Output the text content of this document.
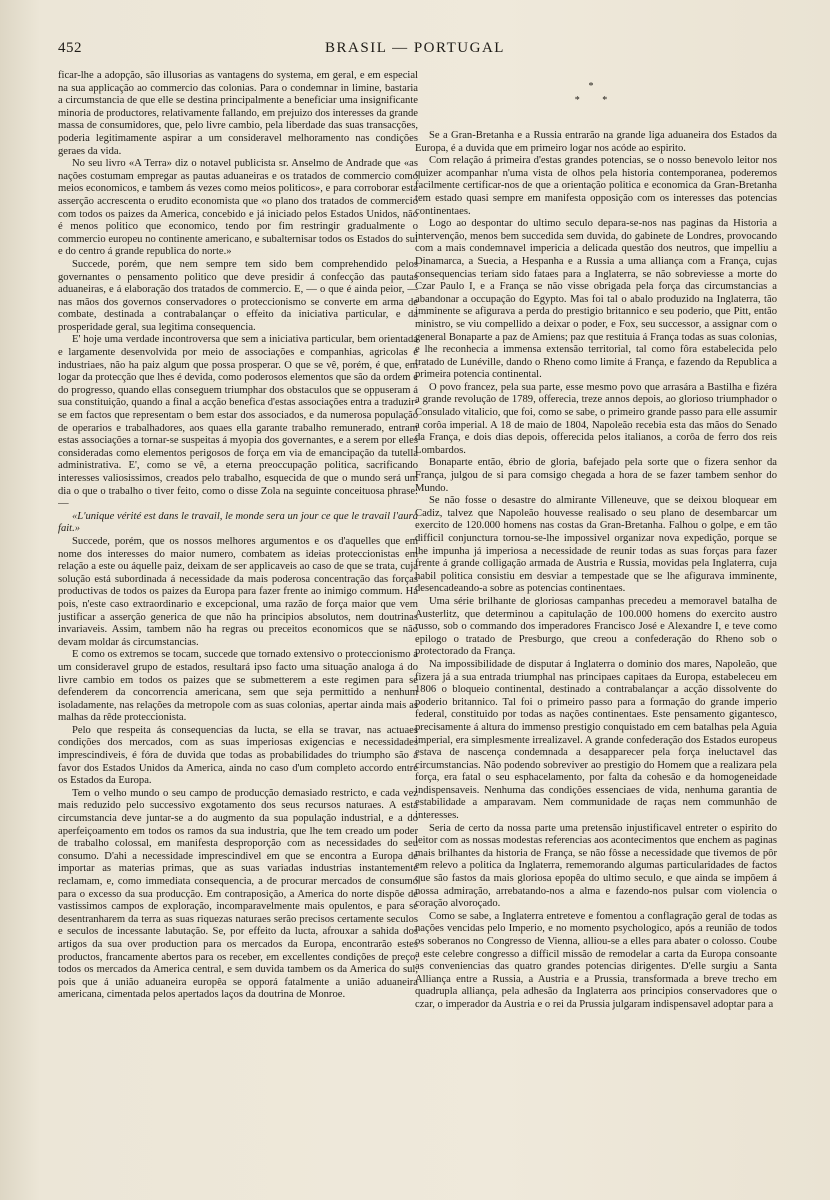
452	BRASIL — PORTUGAL

ficar-lhe a adopção, são illusorias as vantagens do systema, em geral, e em especial na sua applicação ao commercio das colonias. Para o condemnar in limine, bastaria a circumstancia de que elle se destina principalmente a beneficiar uma insignificante minoria de productores, relativamente fallando, em prejuizo dos interesses da grande massa de consumidores, que, pelo livre cambio, pela liberdade das suas transacções, poderia legitimamente aspirar a um consideravel melhoramento nas condições geraes da vida.

No seu livro «A Terra» diz o notavel publicista sr. Anselmo de Andrade que «as nações costumam empregar as pautas aduaneiras e os tratados de commercio como meios economicos, e tambem ás vezes como meios politicos», e para corroborar esta asserção accrescenta o erudito economista que «o plano dos tratados de commercio com todos os paizes da America, concebido e já iniciado pelos Estados Unidos, não é menos politico que economico, tendo por fim restringir gradualmente o commercio europeu no continente americano, e subalternisar todos os Estados do sul e do centro á grande republica do norte.»

Succede, porém, que nem sempre tem sido bem comprehendido pelos governantes o pensamento politico que deve presidir á confecção das pautas aduaneiras, e á elaboração dos tratados de commercio. E, — o que é ainda peior, — nas mãos dos governos conservadores o proteccionismo se converte em arma de combate, destinada a contrabalançar o effeito da iniciativa particular, e da prosperidade geral, sua legitima consequencia.

E' hoje uma verdade incontroversa que sem a iniciativa particular, bem orientada e largamente desenvolvida por meio de associações e companhias, agricolas e industriaes, não ha paiz algum que possa prosperar. O que se vê, porém, é que, em logar da protecção que lhes é devida, como poderosos elementos que são da ordem e do progresso, quando ellas conseguem triumphar dos obstaculos que se oppuseram á sua constituição, quando a final a acção benefica d'estas associações entra a traduzir-se em factos que representam o bem estar dos associados, e da numerosa população de operarios e trabalhadores, aos quaes ella garante trabalho remunerado, entram estas associações a tornar-se suspeitas á myopia dos governantes, e a serem por elles consideradas como elementos perigosos de força em via de emancipação da tutella administrativa. E', como se vê, a eterna preoccupação politica, sacrificando interesses valiosissimos, creados pelo trabalho, esquecida de que o mundo será um dia o que o trabalho o tiver feito, como o disse Zola na seguinte conceituosa phrase: —

«L'unique vérité est dans le travail, le monde sera un jour ce que le travail l'aura fait.»

Succede, porém, que os nossos melhores argumentos e os d'aquelles que em nome dos interesses do maior numero, combatem as ideias proteccionistas em relação a este ou áquelle paiz, deixam de ser applicaveis ao caso de que se trata, cuja solução está subordinada á necessidade da mais poderosa concentração das forças productivas de todos os paizes da Europa para fazer frente ao inimigo commum. Ha pois, n'este caso extraordinario e excepcional, uma razão de força maior que vem justificar a asserção generica de que não ha principios absolutos, nem doutrinas invariaveis. Assim, tambem não ha regras ou preceitos economicos que se não devam moldar ás circumstancias.

E como os extremos se tocam, succede que tornado extensivo o proteccionismo a um consideravel grupo de estados, resultará ipso facto uma situação analoga á do livre cambio em todos os paizes que se submetterem a este regimen para se defenderem da concorrencia americana, sem que seja permittido a nenhum isoladamente, nas relações da metropole com as suas colonias, apertar ainda mais as malhas da rêde proteccionista.

Pelo que respeita ás consequencias da lucta, se ella se travar, nas actuaes condições dos mercados, com as suas imperiosas exigencias e necessidades imprescindiveis, é fóra de duvida que todas as probabilidades do triumpho são a favor dos Estados Unidos da America, ainda no caso d'um completo accordo entre os Estados da Europa.

Tem o velho mundo o seu campo de producção demasiado restricto, e cada vez mais reduzido pelo successivo exgotamento dos seus recursos naturaes. A esta circumstancia deve juntar-se a do augmento da sua população industrial, e a do aperfeiçoamento em todos os ramos da sua industria, que lhe tem creado um poder de trabalho colossal, em manifesta desproporção com as necessidades do seu consumo. D'ahi a necessidade imprescindivel em que se encontra a Europa de importar as materias primas, que as suas variadas industrias instantemente reclamam, e, como immediata consequencia, a de procurar mercados de consumo para o excesso da sua producção. Em contraposição, a America do norte dispõe de vastissimos campos de exploração, incomparavelmente mais opulentos, e para se desentranharem da terra as suas riquezas naturaes serão precisos certamente seculos e seculos de incessante labutação. Se, por effeito da lucta, afrouxar a sahida dos artigos da sua over production para os mercados da Europa, encontrarão estes productos, francamente abertos para os receber, em excellentes condições de preço, todos os mercados da America central, e sem duvida tambem os da America do sul, pois que á união aduaneira europêa se opporá fatalmente a união aduaneira americana, cimentada pelos apertados laços da doutrina de Monroe.

*
* *

Se a Gran-Bretanha e a Russia entrarão na grande liga aduaneira dos Estados da Europa, é a duvida que em primeiro logar nos acóde ao espirito.

Com relação á primeira d'estas grandes potencias, se o nosso benevolo leitor nos quizer acompanhar n'uma vista de olhos pela historia contemporanea, poderemos facilmente certificar-nos de que a orientação politica e economica da Gran-Bretanha tem estado quasi sempre em manifesta opposição com os interesses das potencias continentaes.

Logo ao despontar do ultimo seculo depara-se-nos nas paginas da Historia a intervenção, menos bem succedida sem duvida, do gabinete de Londres, provocando com a mais condemnavel impericia a delicada questão dos neutros, que impelliu a Dinamarca, a Suecia, a Hespanha e a Russia a uma alliança com a França, cujas consequencias teriam sido fataes para a Inglaterra, se não sobreviesse a morte do Czar Paulo I, e a França se não visse obrigada pela força das circumstancias a abandonar a occupação do Egypto. Mas foi tal o abalo produzido na Inglaterra, tão imminente se afigurava a perda do prestigio britannico e seu poderio, que Pitt, então ministro, se viu compellido a deixar o poder, e Fox, seu successor, a assignar com o general Bonaparte a paz de Amiens; paz que restituia á França todas as suas colonias, e lhe reconhecia a immensa extensão territorial, tal como fôra estabelecida pelo tratado de Lunéville, dando o Rheno como limite á França, e fazendo da Republica a primeira potencia continental.

O povo francez, pela sua parte, esse mesmo povo que arrasára a Bastilha e fizéra a grande revolução de 1789, offerecia, treze annos depois, ao glorioso triumphador o Consulado vitalicio, que foi, como se sabe, o primeiro grande passo para elle assumir a corôa imperial. A 18 de maio de 1804, Napoleão recebia esta das mãos do Senado da França, e dois dias depois, offerecida pelos italianos, a corôa de ferro dos reis Lombardos.

Bonaparte então, ébrio de gloria, bafejado pela sorte que o fizera senhor da França, julgou de si para comsigo chegada a hora de se fazer tambem senhor do Mundo.

Se não fosse o desastre do almirante Villeneuve, que se deixou bloquear em Cadiz, talvez que Napoleão houvesse realisado o seu plano de desembarcar um exercito de 120.000 homens nas costas da Gran-Bretanha. Falhou o golpe, e em tão difficil conjunctura tornou-se-lhe impossivel organizar nova expedição, porque se lhe impunha já imperiosa a necessidade de reunir todas as suas forças para fazer frente á grande colligação armada de Austria e Russia, movidas pela Inglaterra, cuja habil politica consistiu em desviar a tempestade que se lhe afigurava imminente, desencadeando-a sobre as potencias continentaes.

Uma série brilhante de gloriosas campanhas precedeu a memoravel batalha de Austerlitz, que determinou a capitulação de 100.000 homens do exercito austro russo, sob o commando dos imperadores Francisco José e Alexandre I, e teve como epilogo o tratado de Presburgo, que creou a confederação do Rheno sob o protectorado da França.

Na impossibilidade de disputar á Inglaterra o dominio dos mares, Napoleão, que fizera já a sua entrada triumphal nas principaes capitaes da Europa, estabeleceu em 1806 o bloqueio continental, destinado a contrabalançar a acção dissolvente do poderio britannico. Tal foi o primeiro passo para a formação do grande imperio federal, constituido por todas as nações continentaes. Este pensamento gigantesco, precisamente á altura do immenso prestigio conquistado em cem batalhas pela Aguia imperial, era simplesmente irrealizavel. A grande confederação dos Estados europeus estava de nascença condemnada a desapparecer pela força ineluctavel das circumstancias. Não podendo sobreviver ao prestigio do Homem que a realizara pela força, era fatal o seu esphacelamento, por falta da cohesão e da homogeneidade indispensaveis. Nenhuma das condições essenciaes de vida, nenhuma garantia de estabilidade a amparavam. Nem communidade de raças nem communhão de interesses.

Seria de certo da nossa parte uma pretensão injustificavel entreter o espirito do leitor com as nossas modestas referencias aos acontecimentos que enchem as paginas mais brilhantes da historia de França, se não fôsse a necessidade que tivemos de pôr em relevo a politica da Inglaterra, rememorando algumas particularidades de factos que são fastos da mais gloriosa epopêa do ultimo seculo, e que ainda se impõem á nossa admiração, arrebatando-nos a alma e fazendo-nos pulsar com violencia o coração alvoroçado.

Como se sabe, a Inglaterra entreteve e fomentou a conflagração geral de todas as nações vencidas pelo Imperio, e no momento psychologico, após a reunião de todos os soberanos no Congresso de Vienna, alliou-se a elles para abater o colosso. Coube a este celebre congresso a difficil missão de remodelar a carta da Europa consoante as conveniencias das quatro grandes potencias dirigentes. D'elle surgiu a Santa Alliança entre a Russia, a Austria e a Prussia, transformada a breve trecho em quadrupla alliança, pela adhesão da Inglaterra aos principios conservadores que o czar, o imperador da Austria e o rei da Prussia julgaram indispensavel adoptar para a
